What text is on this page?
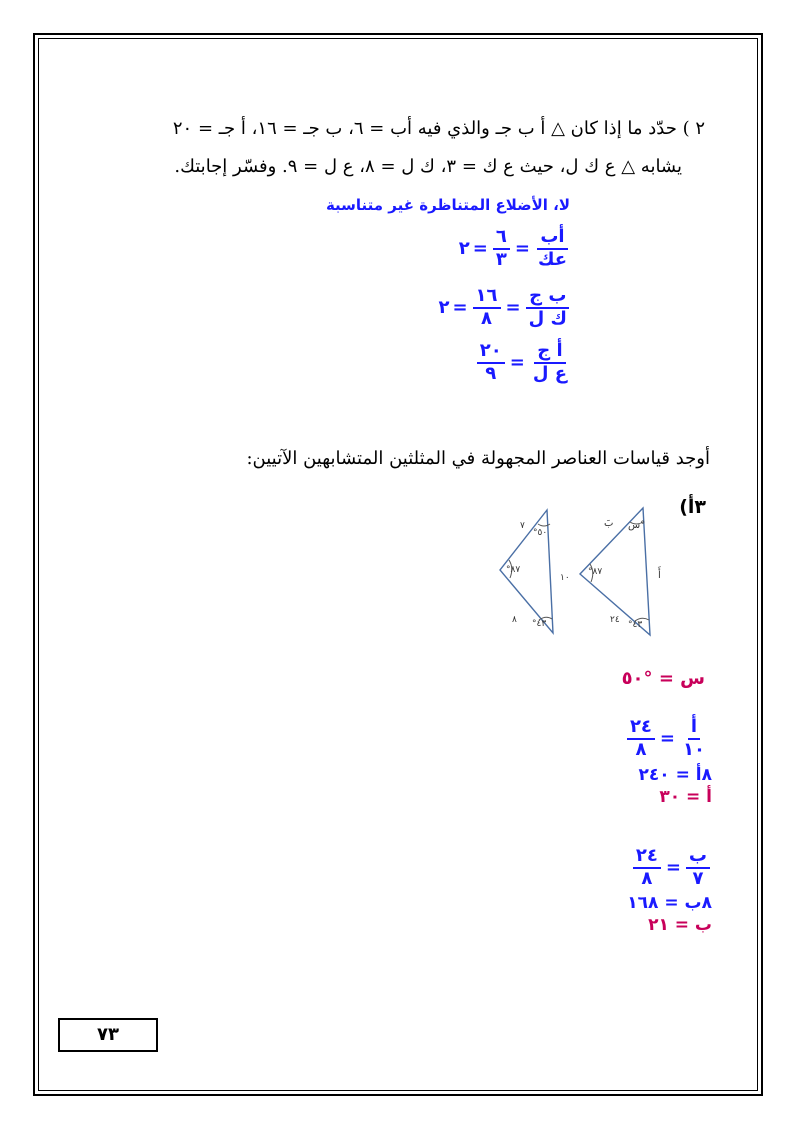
٢ ) حدّد ما إذا كان △ أ ب جـ والذي فيه أب = ٦، ب جـ = ١٦، أ جـ = ٢٠
يشابه △ ع ك ل، حيث ع ك = ٣، ك ل = ٨، ع ل = ٩. وفسّر إجابتك.
لا، الأضلاع المتناظرة غير متناسبة
$\frac{\text{أب}}{\text{عك}}$
=
$\frac{٦}{٣}$
=
٢
$\frac{\text{ب ج}}{\text{ك ل}}$
=
$\frac{١٦}{٨}$
=
٢
$\frac{\text{أ ج}}{\text{ع ل}}$
=
$\frac{٢٠}{٩}$
أوجد قياسات العناصر المجهولة في المثلثين المتشابهين الآتيين:
٣أ)
بَ س°
أَ
°٨٧
٢٤ °٤٣
٧
°٥٠
١٠
°٨٧
٨ °٤٣
س = °٥٠
$\frac{\text{أ}}{١٠}$
=
$\frac{٢٤}{٨}$
٨أ = ٢٤٠
أ = ٣٠
$\frac{\text{ب}}{٧}$
=
$\frac{٢٤}{٨}$
٨ب = ١٦٨
ب = ٢١
٧٣
